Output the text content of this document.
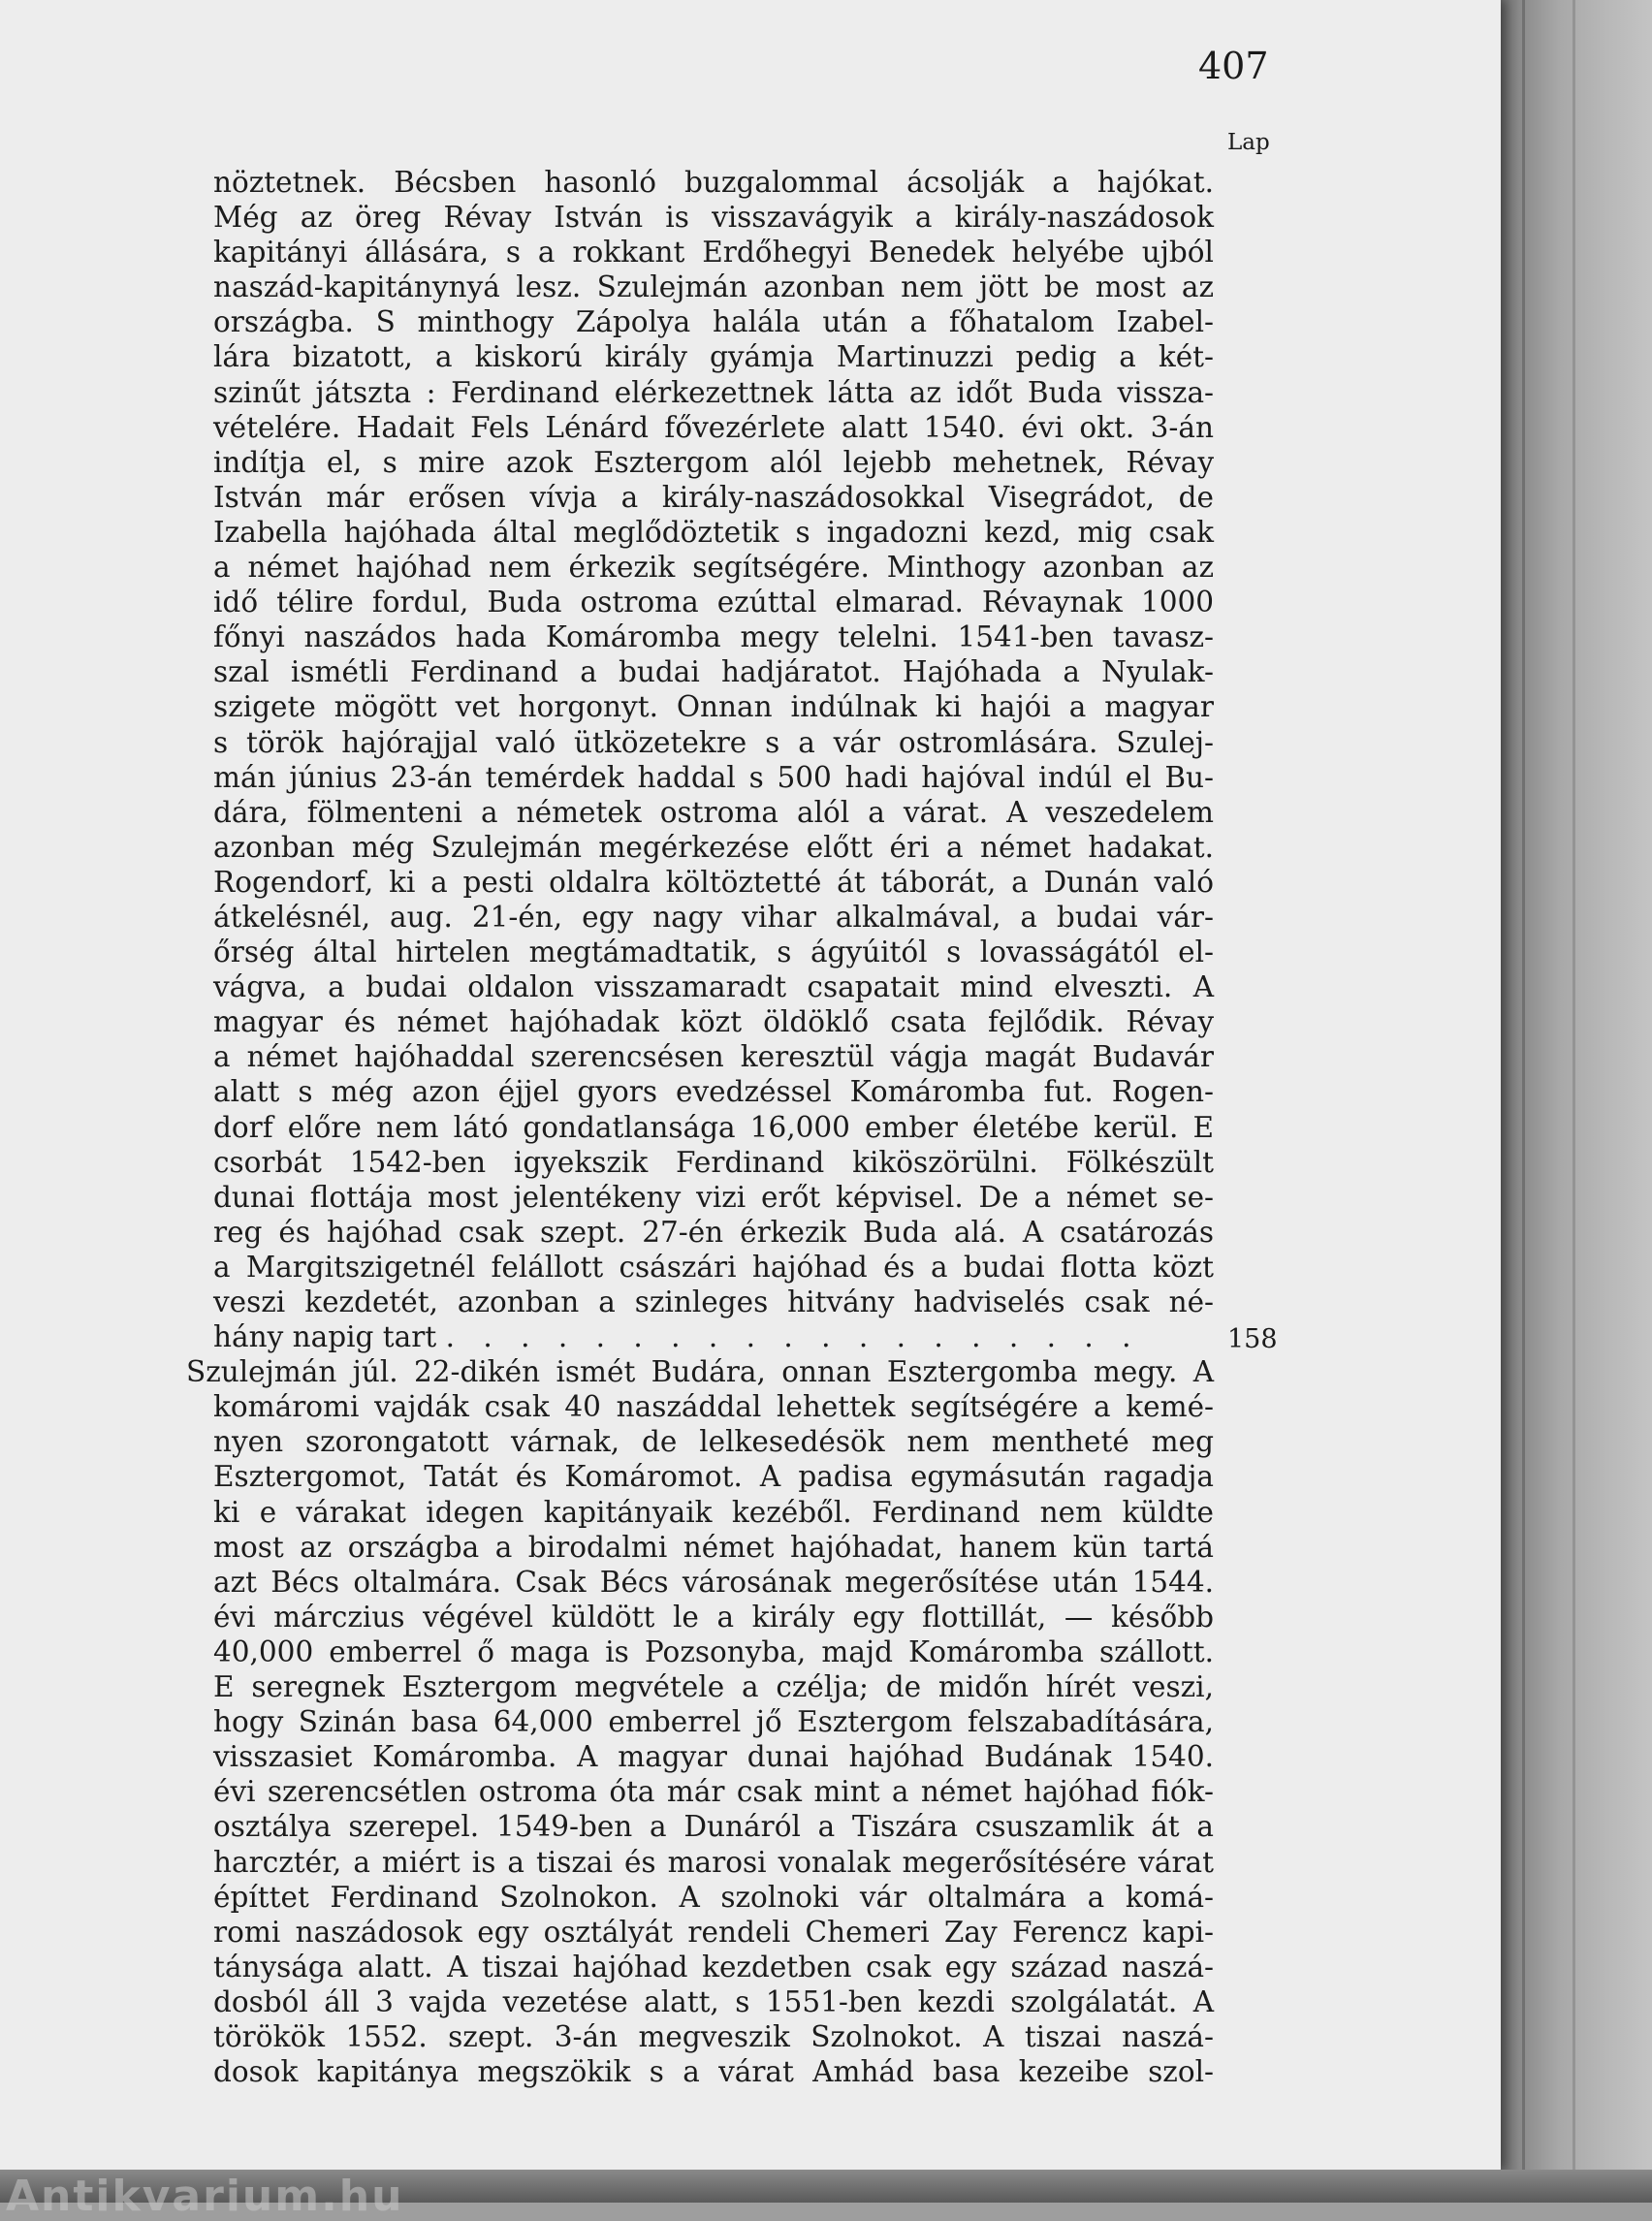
407
Lap
nöztetnek. Bécsben hasonló buzgalommal ácsolják a hajókat.
Még az öreg Révay István is visszavágyik a király-naszádosok
kapitányi állására, s a rokkant Erdőhegyi Benedek helyébe ujból
naszád-kapitánynyá lesz. Szulejmán azonban nem jött be most az
országba. S minthogy Zápolya halála után a főhatalom Izabel-
lára bizatott, a kiskorú király gyámja Martinuzzi pedig a két-
szinűt játszta : Ferdinand elérkezettnek látta az időt Buda vissza-
vételére. Hadait Fels Lénárd fővezérlete alatt 1540. évi okt. 3-án
indítja el, s mire azok Esztergom alól lejebb mehetnek, Révay
István már erősen vívja a király-naszádosokkal Visegrádot, de
Izabella hajóhada által meglődöztetik s ingadozni kezd, mig csak
a német hajóhad nem érkezik segítségére. Minthogy azonban az
idő télire fordul, Buda ostroma ezúttal elmarad. Révaynak 1000
főnyi naszádos hada Komáromba megy telelni. 1541-ben tavasz-
szal ismétli Ferdinand a budai hadjáratot. Hajóhada a Nyulak-
szigete mögött vet horgonyt. Onnan indúlnak ki hajói a magyar
s török hajórajjal való ütközetekre s a vár ostromlására. Szulej-
mán június 23-án temérdek haddal s 500 hadi hajóval indúl el Bu-
dára, fölmenteni a németek ostroma alól a várat. A veszedelem
azonban még Szulejmán megérkezése előtt éri a német hadakat.
Rogendorf, ki a pesti oldalra költöztetté át táborát, a Dunán való
átkelésnél, aug. 21-én, egy nagy vihar alkalmával, a budai vár-
őrség által hirtelen megtámadtatik, s ágyúitól s lovasságától el-
vágva, a budai oldalon visszamaradt csapatait mind elveszti. A
magyar és német hajóhadak közt öldöklő csata fejlődik. Révay
a német hajóhaddal szerencsésen keresztül vágja magát Budavár
alatt s még azon éjjel gyors evedzéssel Komáromba fut. Rogen-
dorf előre nem látó gondatlansága 16,000 ember életébe kerül. E
csorbát 1542-ben igyekszik Ferdinand kiköszörülni. Fölkészült
dunai flottája most jelentékeny vizi erőt képvisel. De a német se-
reg és hajóhad csak szept. 27-én érkezik Buda alá. A csatározás
a Margitszigetnél felállott császári hajóhad és a budai flotta közt
veszi kezdetét, azonban a szinleges hitvány hadviselés csak né-
hány napig tart . . . . . . . . . . . . . . . . . . .
Szulejmán júl. 22-dikén ismét Budára, onnan Esztergomba megy. A
komáromi vajdák csak 40 naszáddal lehettek segítségére a kemé-
nyen szorongatott várnak, de lelkesedésök nem mentheté meg
Esztergomot, Tatát és Komáromot. A padisa egymásután ragadja
ki e várakat idegen kapitányaik kezéből. Ferdinand nem küldte
most az országba a birodalmi német hajóhadat, hanem kün tartá
azt Bécs oltalmára. Csak Bécs városának megerősítése után 1544.
évi márczius végével küldött le a király egy flottillát, — később
40,000 emberrel ő maga is Pozsonyba, majd Komáromba szállott.
E seregnek Esztergom megvétele a czélja; de midőn hírét veszi,
hogy Szinán basa 64,000 emberrel jő Esztergom felszabadítására,
visszasiet Komáromba. A magyar dunai hajóhad Budának 1540.
évi szerencsétlen ostroma óta már csak mint a német hajóhad fiók-
osztálya szerepel. 1549-ben a Dunáról a Tiszára csuszamlik át a
harcztér, a miért is a tiszai és marosi vonalak megerősítésére várat
építtet Ferdinand Szolnokon. A szolnoki vár oltalmára a komá-
romi naszádosok egy osztályát rendeli Chemeri Zay Ferencz kapi-
tánysága alatt. A tiszai hajóhad kezdetben csak egy század naszá-
dosból áll 3 vajda vezetése alatt, s 1551-ben kezdi szolgálatát. A
törökök 1552. szept. 3-án megveszik Szolnokot. A tiszai naszá-
dosok kapitánya megszökik s a várat Amhád basa kezeibe szol-
158
Antikvarium.hu
